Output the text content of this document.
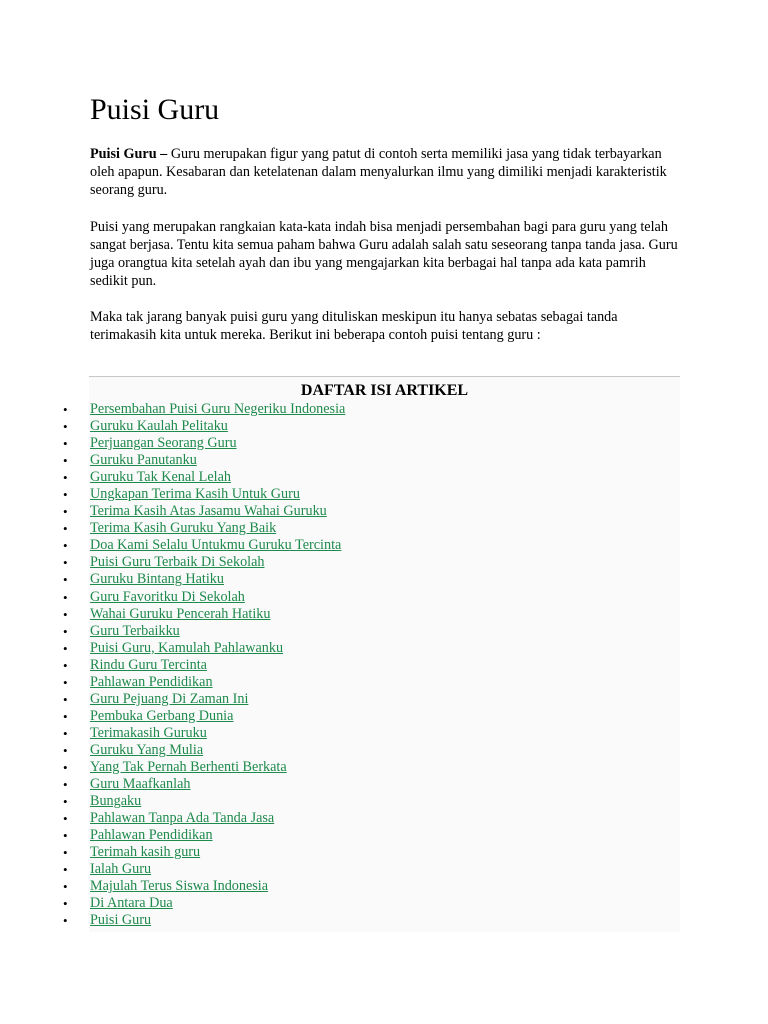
Puisi Guru

Puisi Guru – Guru merupakan figur yang patut di contoh serta memiliki jasa yang tidak terbayarkan oleh apapun. Kesabaran dan ketelatenan dalam menyalurkan ilmu yang dimiliki menjadi karakteristik seorang guru.

Puisi yang merupakan rangkaian kata-kata indah bisa menjadi persembahan bagi para guru yang telah sangat berjasa. Tentu kita semua paham bahwa Guru adalah salah satu seseorang tanpa tanda jasa. Guru juga orangtua kita setelah ayah dan ibu yang mengajarkan kita berbagai hal tanpa ada kata pamrih sedikit pun.

Maka tak jarang banyak puisi guru yang dituliskan meskipun itu hanya sebatas sebagai tanda terimakasih kita untuk mereka. Berikut ini beberapa contoh puisi tentang guru :

DAFTAR ISI ARTIKEL
• Persembahan Puisi Guru Negeriku Indonesia
• Guruku Kaulah Pelitaku
• Perjuangan Seorang Guru
• Guruku Panutanku
• Guruku Tak Kenal Lelah
• Ungkapan Terima Kasih Untuk Guru
• Terima Kasih Atas Jasamu Wahai Guruku
• Terima Kasih Guruku Yang Baik
• Doa Kami Selalu Untukmu Guruku Tercinta
• Puisi Guru Terbaik Di Sekolah
• Guruku Bintang Hatiku
• Guru Favoritku Di Sekolah
• Wahai Guruku Pencerah Hatiku
• Guru Terbaikku
• Puisi Guru, Kamulah Pahlawanku
• Rindu Guru Tercinta
• Pahlawan Pendidikan
• Guru Pejuang Di Zaman Ini
• Pembuka Gerbang Dunia
• Terimakasih Guruku
• Guruku Yang Mulia
• Yang Tak Pernah Berhenti Berkata
• Guru Maafkanlah
• Bungaku
• Pahlawan Tanpa Ada Tanda Jasa
• Pahlawan Pendidikan
• Terimah kasih guru
• Ialah Guru
• Majulah Terus Siswa Indonesia
• Di Antara Dua
• Puisi Guru
